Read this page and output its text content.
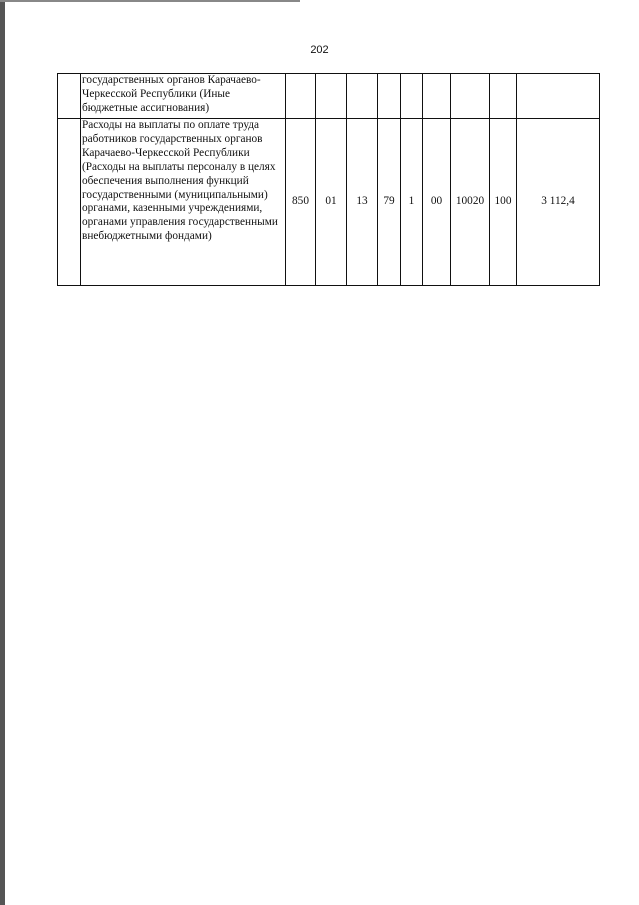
202
	государственных органов Карачаево-Черкесской Республики (Иные бюджетные ассигнования)									
	Расходы на выплаты по оплате труда работников государственных органов Карачаево-Черкесской Республики (Расходы на выплаты персоналу в целях обеспечения выполнения функций государственными (муниципальными) органами, казенными учреждениями, органами управления государственными внебюджетными фондами)	850	01	13	79	1	00	10020	100	3 112,4
